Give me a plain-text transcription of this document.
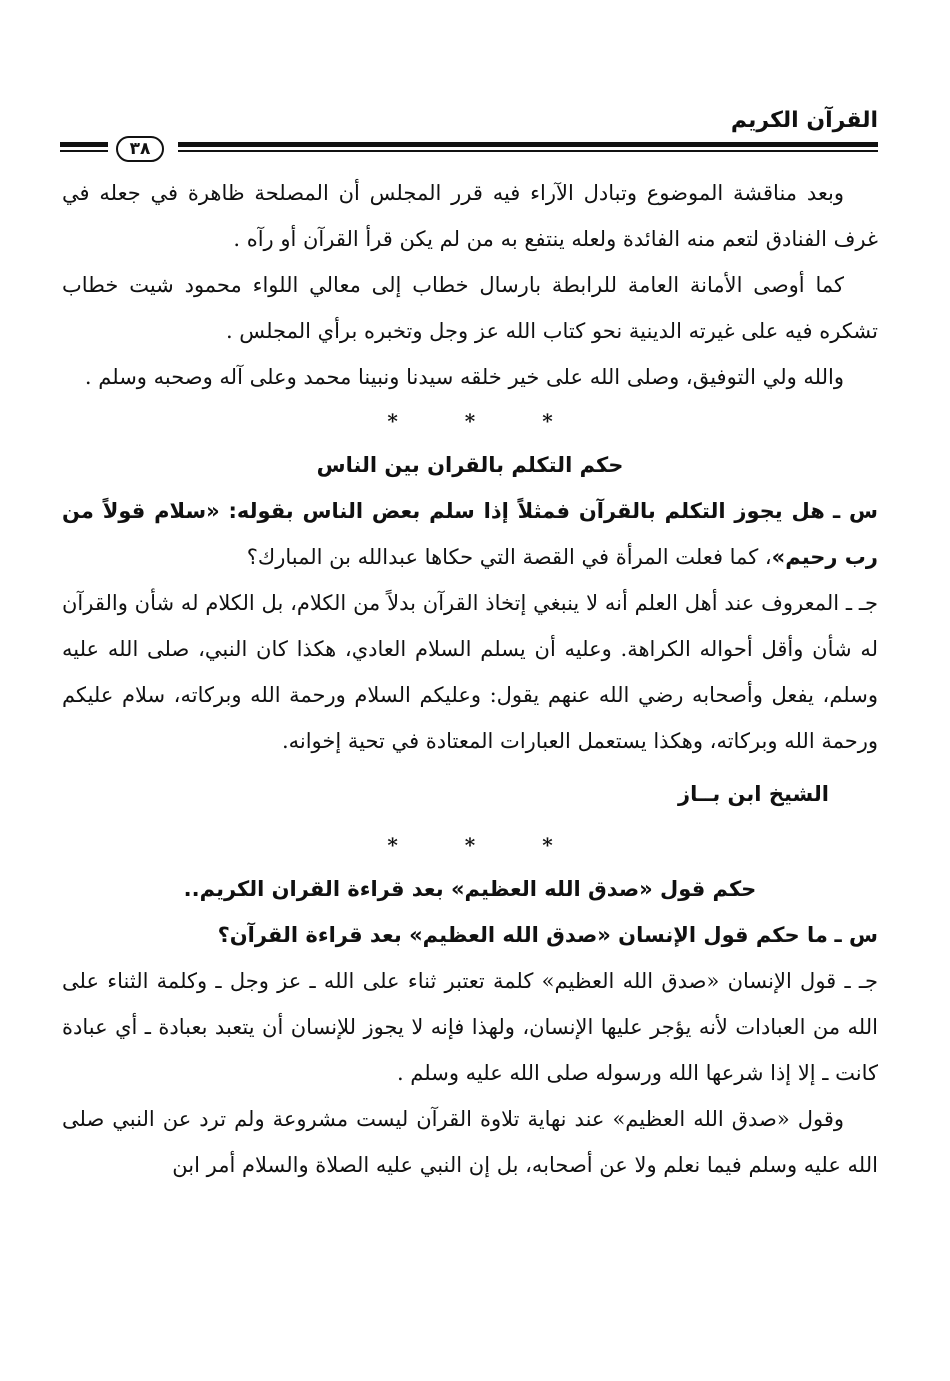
القرآن الكريم
٣٨

وبعد مناقشة الموضوع وتبادل الآراء فيه قرر المجلس أن المصلحة ظاهرة في جعله في غرف الفنادق لتعم منه الفائدة ولعله ينتفع به من لم يكن قرأ القرآن أو رآه .

كما أوصى الأمانة العامة للرابطة بارسال خطاب إلى معالي اللواء محمود شيت خطاب تشكره فيه على غيرته الدينية نحو كتاب الله عز وجل وتخبره برأي المجلس .

والله ولي التوفيق، وصلى الله على خير خلقه سيدنا ونبينا محمد وعلى آله وصحبه وسلم .

* * *

حكم التكلم بالقران بين الناس

س ـ هل يجوز التكلم بالقرآن فمثلاً إذا سلم بعض الناس بقوله: «سلام قولاً من رب رحيم»، كما فعلت المرأة في القصة التي حكاها عبدالله بن المبارك؟

جـ ـ المعروف عند أهل العلم أنه لا ينبغي إتخاذ القرآن بدلاً من الكلام، بل الكلام له شأن والقرآن له شأن وأقل أحواله الكراهة. وعليه أن يسلم السلام العادي، هكذا كان النبي، صلى الله عليه وسلم، يفعل وأصحابه رضي الله عنهم يقول: وعليكم السلام ورحمة الله وبركاته، سلام عليكم ورحمة الله وبركاته، وهكذا يستعمل العبارات المعتادة في تحية إخوانه.

الشيخ ابن بــاز

* * *

حكم قول «صدق الله العظيم» بعد قراءة القران الكريم..

س ـ ما حكم قول الإنسان «صدق الله العظيم» بعد قراءة القرآن؟

جـ ـ قول الإنسان «صدق الله العظيم» كلمة تعتبر ثناء على الله ـ عز وجل ـ وكلمة الثناء على الله من العبادات لأنه يؤجر عليها الإنسان، ولهذا فإنه لا يجوز للإنسان أن يتعبد بعبادة ـ أي عبادة كانت ـ إلا إذا شرعها الله ورسوله صلى الله عليه وسلم .

وقول «صدق الله العظيم» عند نهاية تلاوة القرآن ليست مشروعة ولم ترد عن النبي صلى الله عليه وسلم فيما نعلم ولا عن أصحابه، بل إن النبي عليه الصلاة والسلام أمر ابن
